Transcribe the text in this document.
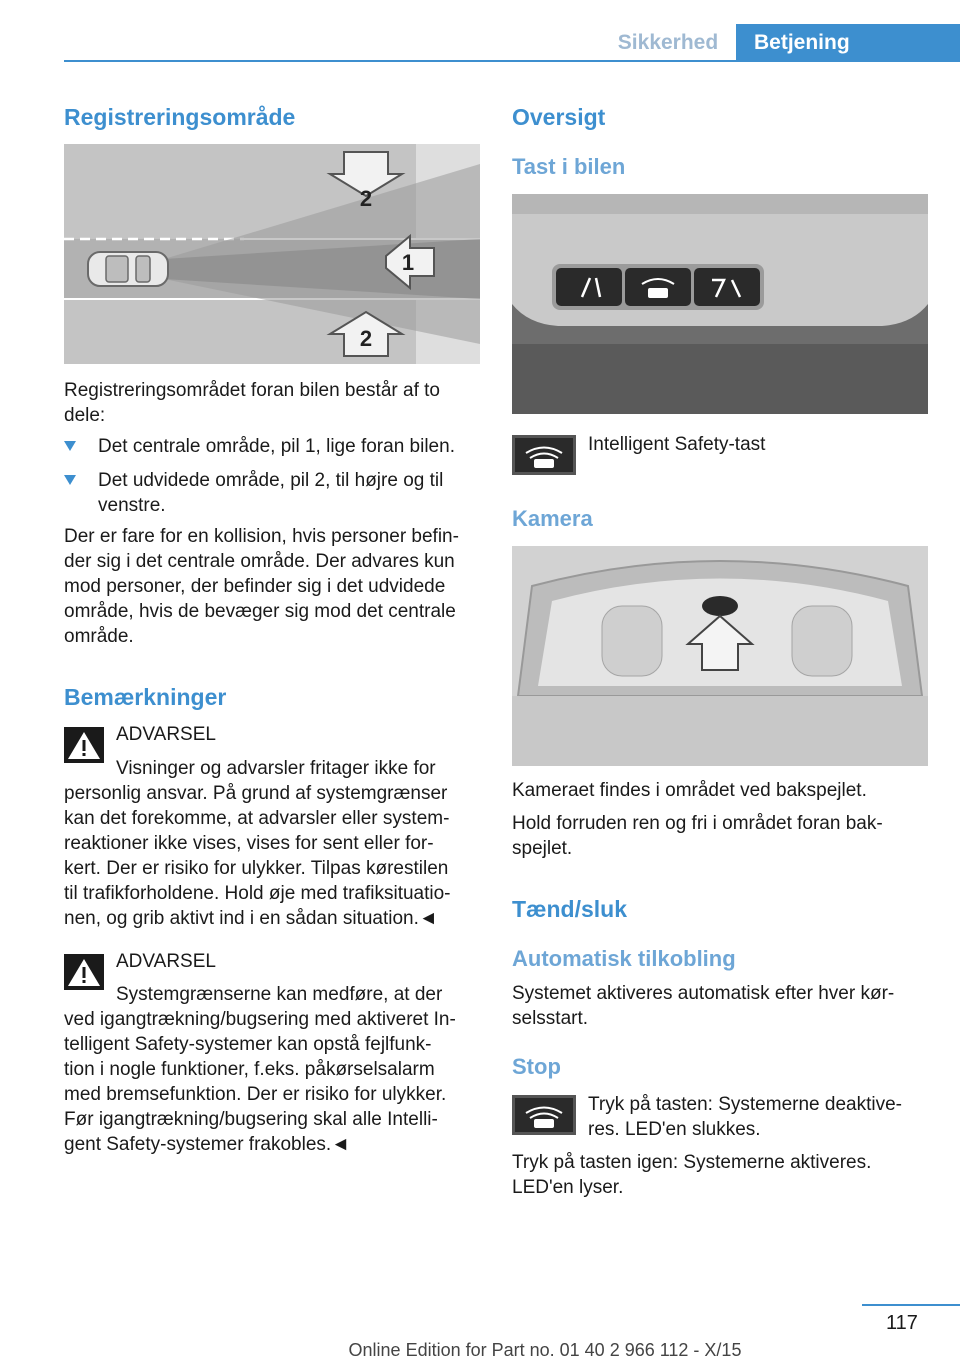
Sikkerhed	Betjening
Registreringsområde
2
1
2
Registreringsområdet foran bilen består af to
dele:
Det centrale område, pil 1, lige foran bilen.
Det udvidede område, pil 2, til højre og til
venstre.
Der er fare for en kollision, hvis personer befin-
der sig i det centrale område. Der advares kun
mod personer, der befinder sig i det udvidede
område, hvis de bevæger sig mod det centrale
område.
Bemærkninger
ADVARSEL
Visninger og advarsler fritager ikke for
personlig ansvar. På grund af systemgrænser
kan det forekomme, at advarsler eller system-
reaktioner ikke vises, vises for sent eller for-
kert. Der er risiko for ulykker. Tilpas kørestilen
til trafikforholdene. Hold øje med trafiksituatio-
nen, og grib aktivt ind i en sådan situation.◄
ADVARSEL
Systemgrænserne kan medføre, at der
ved igangtrækning/bugsering med aktiveret In-
telligent Safety-systemer kan opstå fejlfunk-
tion i nogle funktioner, f.eks. påkørselsalarm
med bremsefunktion. Der er risiko for ulykker.
Før igangtrækning/bugsering skal alle Intelli-
gent Safety-systemer frakobles.◄
Oversigt
Tast i bilen
Intelligent Safety-tast
Kamera
Kameraet findes i området ved bakspejlet.
Hold forruden ren og fri i området foran bak-
spejlet.
Tænd/sluk
Automatisk tilkobling
Systemet aktiveres automatisk efter hver kør-
selsstart.
Stop
Tryk på tasten: Systemerne deaktive-
res. LED'en slukkes.
Tryk på tasten igen: Systemerne aktiveres.
LED'en lyser.
117
Online Edition for Part no. 01 40 2 966 112 - X/15
